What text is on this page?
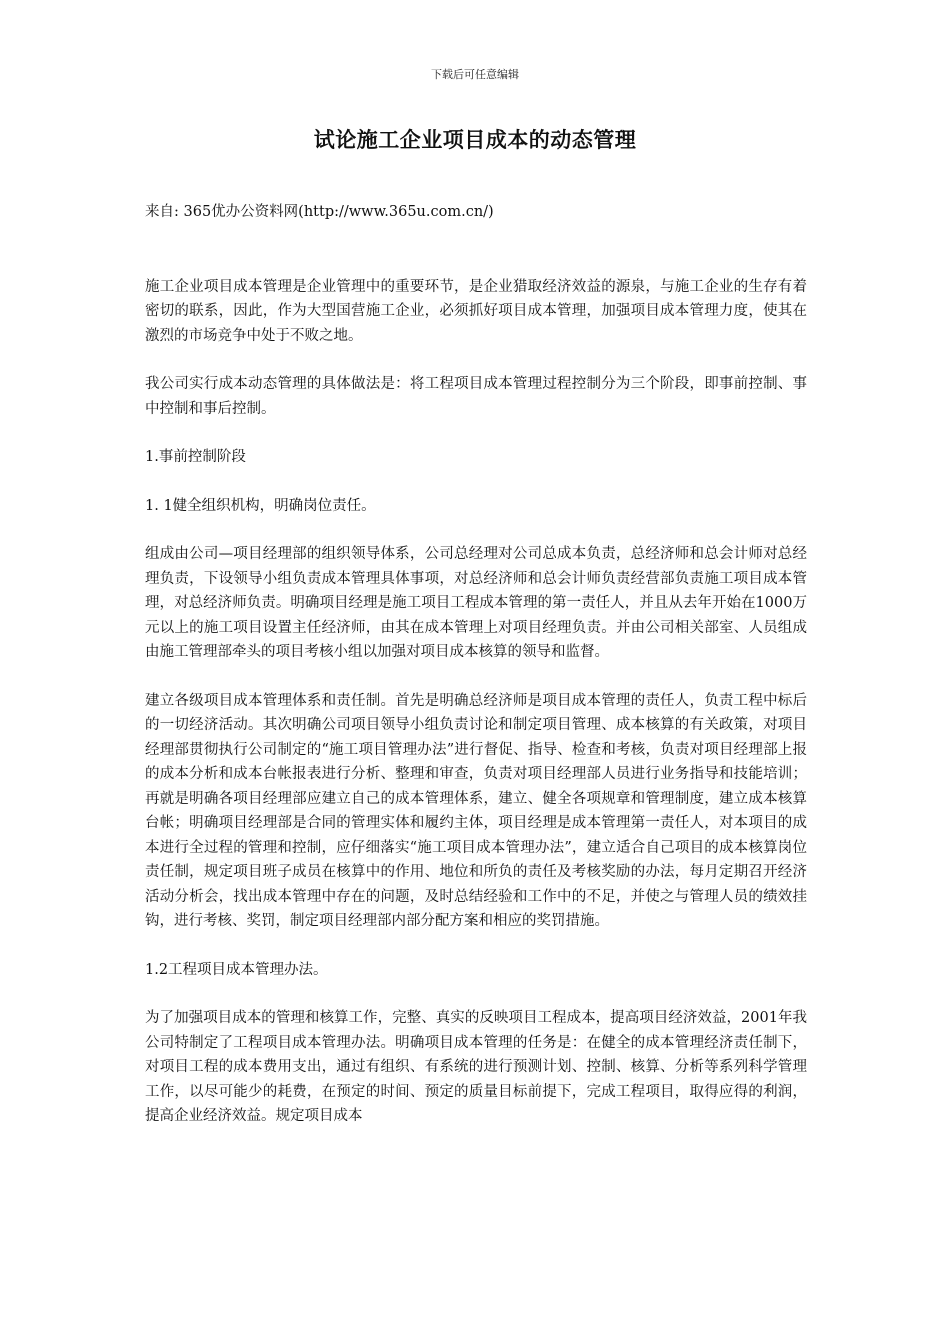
下载后可任意编辑
试论施工企业项目成本的动态管理

来自: 365优办公资料网(http://www.365u.com.cn/)

施工企业项目成本管理是企业管理中的重要环节，是企业猎取经济效益的源泉，与施工企业的生存有着密切的联系，因此，作为大型国营施工企业，必须抓好项目成本管理，加强项目成本管理力度，使其在激烈的市场竞争中处于不败之地。

我公司实行成本动态管理的具体做法是：将工程项目成本管理过程控制分为三个阶段，即事前控制、事中控制和事后控制。

1.事前控制阶段

1. 1健全组织机构，明确岗位责任。

组成由公司—项目经理部的组织领导体系，公司总经理对公司总成本负责，总经济师和总会计师对总经理负责，下设领导小组负责成本管理具体事项，对总经济师和总会计师负责经营部负责施工项目成本管理，对总经济师负责。明确项目经理是施工项目工程成本管理的第一责任人，并且从去年开始在1000万元以上的施工项目设置主任经济师，由其在成本管理上对项目经理负责。并由公司相关部室、人员组成由施工管理部牵头的项目考核小组以加强对项目成本核算的领导和监督。

建立各级项目成本管理体系和责任制。首先是明确总经济师是项目成本管理的责任人，负责工程中标后的一切经济活动。其次明确公司项目领导小组负责讨论和制定项目管理、成本核算的有关政策，对项目经理部贯彻执行公司制定的“施工项目管理办法”进行督促、指导、检查和考核，负责对项目经理部上报的成本分析和成本台帐报表进行分析、整理和审查，负责对项目经理部人员进行业务指导和技能培训；再就是明确各项目经理部应建立自己的成本管理体系，建立、健全各项规章和管理制度，建立成本核算台帐；明确项目经理部是合同的管理实体和履约主体，项目经理是成本管理第一责任人，对本项目的成本进行全过程的管理和控制，应仔细落实“施工项目成本管理办法”，建立适合自己项目的成本核算岗位责任制，规定项目班子成员在核算中的作用、地位和所负的责任及考核奖励的办法，每月定期召开经济活动分析会，找出成本管理中存在的问题，及时总结经验和工作中的不足，并使之与管理人员的绩效挂钩，进行考核、奖罚，制定项目经理部内部分配方案和相应的奖罚措施。

1.2工程项目成本管理办法。

为了加强项目成本的管理和核算工作，完整、真实的反映项目工程成本，提高项目经济效益，2001年我公司特制定了工程项目成本管理办法。明确项目成本管理的任务是：在健全的成本管理经济责任制下，对项目工程的成本费用支出，通过有组织、有系统的进行预测计划、控制、核算、分析等系列科学管理工作，以尽可能少的耗费，在预定的时间、预定的质量目标前提下，完成工程项目，取得应得的利润，提高企业经济效益。规定项目成本
